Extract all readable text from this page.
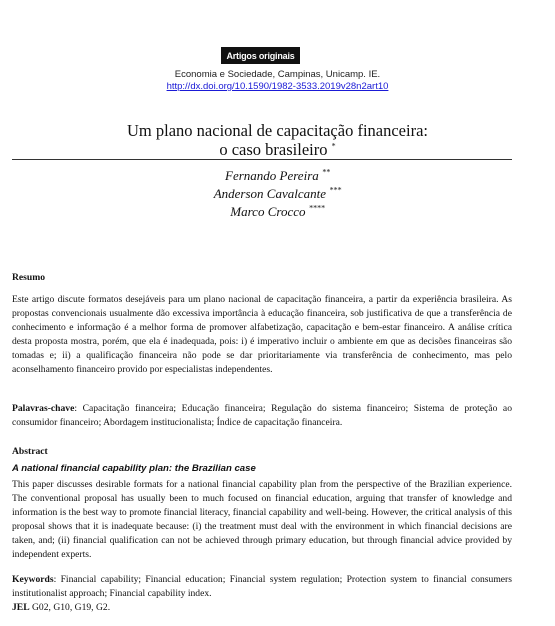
Artigos originais
Economia e Sociedade, Campinas, Unicamp. IE.
http://dx.doi.org/10.1590/1982-3533.2019v28n2art10
Um plano nacional de capacitação financeira:
o caso brasileiro *
Fernando Pereira **
Anderson Cavalcante ***
Marco Crocco ****
Resumo
Este artigo discute formatos desejáveis para um plano nacional de capacitação financeira, a partir da experiência brasileira. As propostas convencionais usualmente dão excessiva importância à educação financeira, sob justificativa de que a transferência de conhecimento e informação é a melhor forma de promover alfabetização, capacitação e bem-estar financeiro. A análise crítica desta proposta mostra, porém, que ela é inadequada, pois: i) é imperativo incluir o ambiente em que as decisões financeiras são tomadas e; ii) a qualificação financeira não pode se dar prioritariamente via transferência de conhecimento, mas pelo aconselhamento financeiro provido por especialistas independentes.
Palavras-chave: Capacitação financeira; Educação financeira; Regulação do sistema financeiro; Sistema de proteção ao consumidor financeiro; Abordagem institucionalista; Índice de capacitação financeira.
Abstract
A national financial capability plan: the Brazilian case
This paper discusses desirable formats for a national financial capability plan from the perspective of the Brazilian experience. The conventional proposal has usually been to much focused on financial education, arguing that transfer of knowledge and information is the best way to promote financial literacy, financial capability and well-being. However, the critical analysis of this proposal shows that it is inadequate because: (i) the treatment must deal with the environment in which financial decisions are taken, and; (ii) financial qualification can not be achieved through primary education, but through financial advice provided by independent experts.
Keywords: Financial capability; Financial education; Financial system regulation; Protection system to financial consumers institutionalist approach; Financial capability index.
JEL G02, G10, G19, G2.
